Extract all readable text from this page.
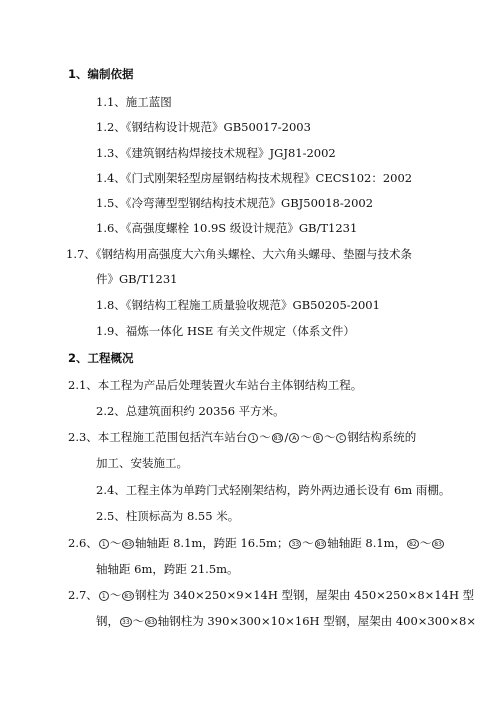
1、编制依据
1.1、施工蓝图
1.2、《钢结构设计规范》GB50017-2003
1.3、《建筑钢结构焊接技术规程》JGJ81-2002
1.4、《门式刚架轻型房屋钢结构技术规程》CECS102：2002
1.5、《冷弯薄型型钢结构技术规范》GBJ50018-2002
1.6、《高强度螺栓 10.9S 级设计规范》GB/T1231
1.7、《钢结构用高强度大六角头螺栓、大六角头螺母、垫圈与技术条
件》GB/T1231
1.8、《钢结构工程施工质量验收规范》GB50205-2001
1.9、福炼一体化 HSE 有关文件规定（体系文件）
2、工程概况
2.1、本工程为产品后处理装置火车站台主体钢结构工程。
2.2、总建筑面积约 20356 平方米。
2.3、本工程施工范围包括汽车站台 1 ～ 83 / A ～ B ～ C 钢结构系统的
加工、安装施工。
2.4、工程主体为单跨门式轻刚架结构，跨外两边通长设有 6m 雨棚。
2.5、柱顶标高为 8.55 米。
2.6、 1 ～ 83 轴轴距 8.1m，跨距 16.5m； 33 ～ 83 轴轴距 8.1m， 82 ～ 83
轴轴距 6m，跨距 21.5m。
2.7、 1 ～ 83 钢柱为 340×250×9×14H 型钢，屋架由 450×250×8×14H 型
钢， 33 ～ 83 轴钢柱为 390×300×10×16H 型钢，屋架由 400×300×8×
